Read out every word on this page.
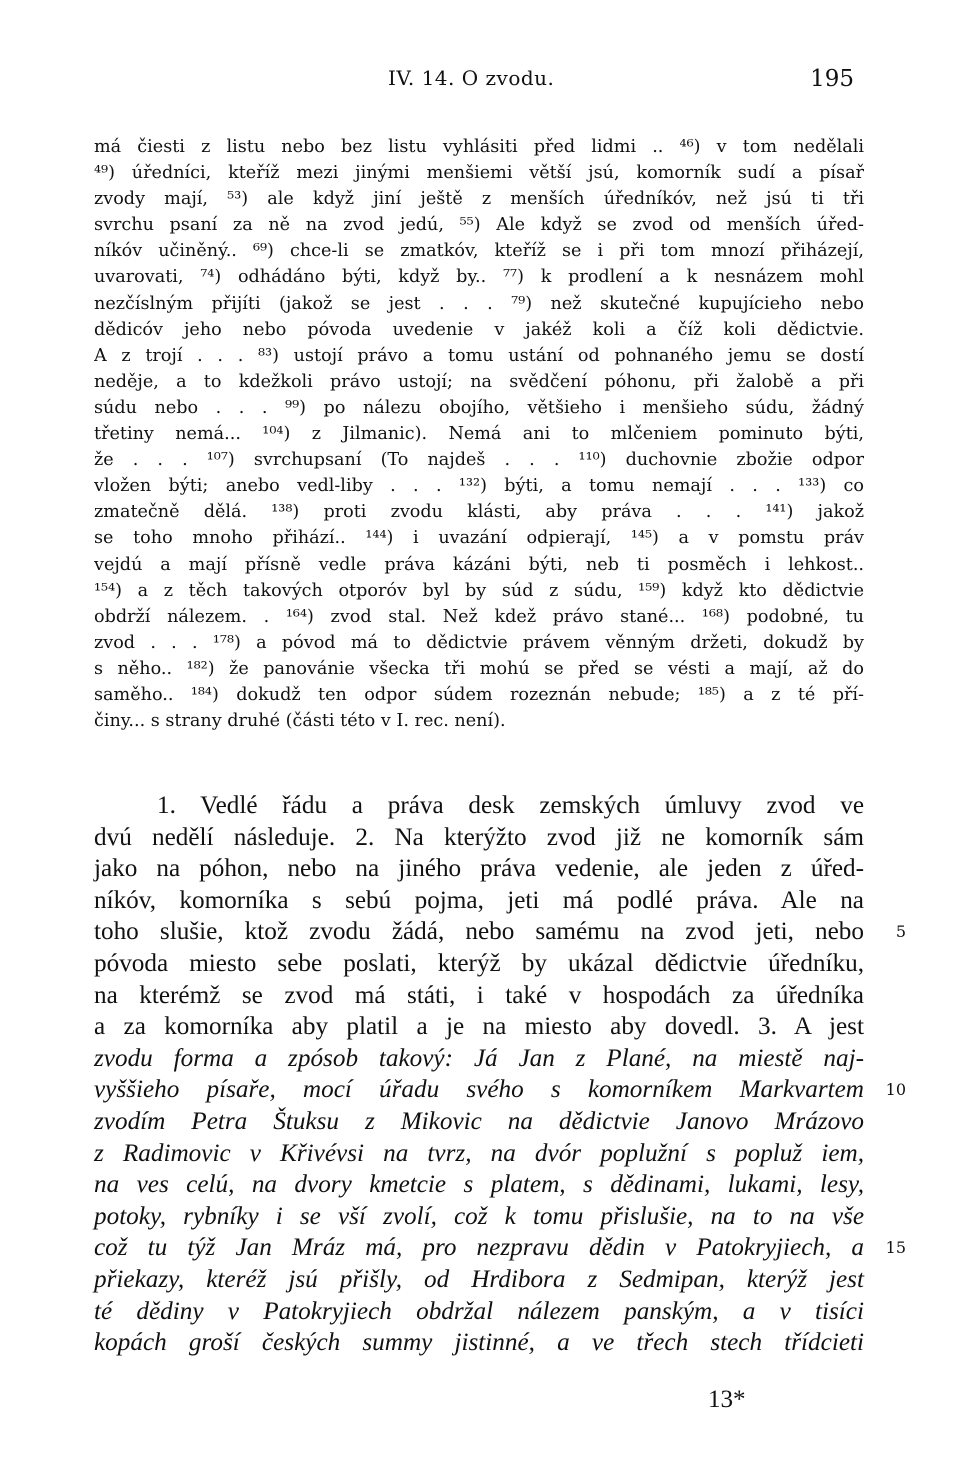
IV. 14. O zvodu.	195
má čiesti z listu nebo bez listu vyhlásiti před lidmi .. ⁴⁶) v tom nedělali
⁴⁹) úředníci, kteříž mezi jinými menšiemi větší jsú, komorník sudí a písař
zvody mají, ⁵³) ale když jiní ještě z menších úředníkóv, než jsú ti tři
svrchu psaní za ně na zvod jedú, ⁵⁵) Ale když se zvod od menších úřed-
níkóv učiněný.. ⁶⁹) chce-li se zmatkóv, kteříž se i při tom mnozí přiházejí,
uvarovati, ⁷⁴) odhádáno býti, když by.. ⁷⁷) k prodlení a k nesnázem mohl
nezčíslným přijíti (jakož se jest . . . ⁷⁹) než skutečné kupujícieho nebo
dědicóv jeho nebo póvoda uvedenie v jakéž koli a číž koli dědictvie.
A z trojí . . . ⁸³) ustojí právo a tomu ustání od pohnaného jemu se dostí
neděje, a to kdežkoli právo ustojí; na svědčení póhonu, při žalobě a při
súdu nebo . . . ⁹⁹) po nálezu obojího, většieho i menšieho súdu, žádný
třetiny nemá... ¹⁰⁴) z Jilmanic). Nemá ani to mlčeniem pominuto býti,
že . . . ¹⁰⁷) svrchupsaní (To najdeš . . . ¹¹⁰) duchovnie zbožie odpor
vložen býti; anebo vedl-liby . . . ¹³²) býti, a tomu nemají . . . ¹³³) co
zmatečně dělá. ¹³⁸) proti zvodu klásti, aby práva . . . ¹⁴¹) jakož
se toho mnoho přihází.. ¹⁴⁴) i uvazání odpierají, ¹⁴⁵) a v pomstu práv
vejdú a mají přísně vedle práva kázáni býti, neb ti posměch i lehkost..
¹⁵⁴) a z těch takových otporóv byl by súd z súdu, ¹⁵⁹) když kto dědictvie
obdrží nálezem. . ¹⁶⁴) zvod stal. Než kdež právo stané... ¹⁶⁸) podobné, tu
zvod . . . ¹⁷⁸) a póvod má to dědictvie právem věnným držeti, dokudž by
s něho.. ¹⁸²) že panovánie všecka tři mohú se před se vésti a mají, až do
saměho.. ¹⁸⁴) dokudž ten odpor súdem rozeznán nebude; ¹⁸⁵) a z té pří-
činy... s strany druhé (části této v I. rec. není).
1. Vedlé řádu a práva desk zemských úmluvy zvod ve
dvú nedělí následuje. 2. Na kterýžto zvod již ne komorník sám
jako na póhon, nebo na jiného práva vedenie, ale jeden z úřed-
níkóv, komorníka s sebú pojma, jeti má podlé práva. Ale na
toho slušie, ktož zvodu žádá, nebo samému na zvod jeti, nebo 5
póvoda miesto sebe poslati, kterýž by ukázal dědictvie úředníku,
na kterémž se zvod má státi, i také v hospodách za úředníka
a za komorníka aby platil a je na miesto aby dovedl. 3. A jest
zvodu forma a zpósob takový: Já Jan z Plané, na miestě naj-
vyššieho písaře, mocí úřadu svého s komorníkem Markvartem 10
zvodím Petra Štuksu z Mikovic na dědictvie Janovo Mrázovo
z Radimovic v Křivévsi na tvrz, na dvór poplužní s popluž iem,
na ves celú, na dvory kmetcie s platem, s dědinami, lukami, lesy,
potoky, rybníky i se vší zvolí, což k tomu přislušie, na to na vše
což tu týž Jan Mráz má, pro nezpravu dědin v Patokryjiech, a 15
přiekazy, kteréž jsú přišly, od Hrdibora z Sedmipan, kterýž jest
té dědiny v Patokryjiech obdržal nálezem panským, a v tisíci
kopách groší českých summy jistinné, a ve třech stech třídcieti
13*
